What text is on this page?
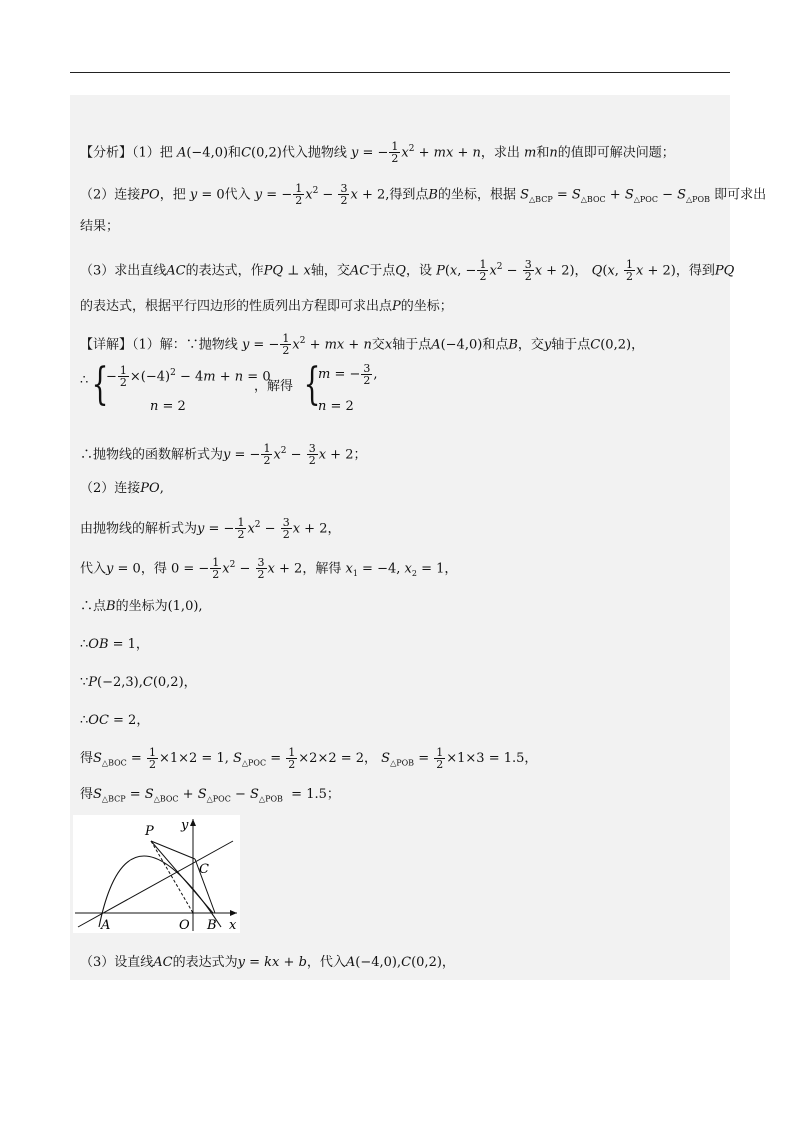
【分析】（1）把 A(−4,0)和C(0,2)代入抛物线 y = − $\frac{1}{2} x^2$ + mx + n，求出 m和n的值即可解决问题；
（2）连接PO，把 y = 0代入 y = − $\frac{1}{2} x^2 - \frac{3}{2}$ x + 2,得到点B的坐标，根据 $S_{\triangle BCP} = S_{\triangle BOC} + S_{\triangle POC} - S_{\triangle POB}$ 即可求出
结果；
（3）求出直线AC的表达式，作PQ ⊥ x轴，交AC于点Q，设 P(x, − $\frac{1}{2} x^2 - \frac{3}{2}$ x + 2)， Q(x, $\frac{1}{2}$ x + 2)，得到PQ
的表达式，根据平行四边形的性质列出方程即可求出点P的坐标；
【详解】（1）解：∵抛物线 y = − $\frac{1}{2} x^2$ + mx + n交x轴于点A(−4,0)和点B，交y轴于点C(0,2)，
∴ {
− $\frac{1}{2} \times(-4)^2 - 4m + n = 0$
n = 2
，解得 {
m = − $\frac{3}{2}$ ,
n = 2
∴抛物线的函数解析式为y = − $\frac{1}{2} x^2 - \frac{3}{2}$ x + 2；
（2）连接PO,
由抛物线的解析式为y = − $\frac{1}{2} x^2 - \frac{3}{2}$ x + 2，
代入y = 0，得 0 = − $\frac{1}{2} x^2 - \frac{3}{2}$ x + 2，解得 $x_1 = -4$, $x_2 = 1$，
∴点B的坐标为(1,0),
∴OB = 1，
∵P(−2,3),C(0,2)，
∴OC = 2，
得$S_{\triangle BOC} = \frac{1}{2} \times 1\times 2 = 1$, $S_{\triangle POC} = \frac{1}{2} \times 2\times 2 = 2$， $S_{\triangle POB} = \frac{1}{2} \times 1\times 3 = 1.5$，
得$S_{\triangle BCP} = S_{\triangle BOC} + S_{\triangle POC} - S_{\triangle POB} = 1.5$；
P
C
A	O B x
y
（3）设直线AC的表达式为y = kx + b，代入A(−4,0),C(0,2)，
